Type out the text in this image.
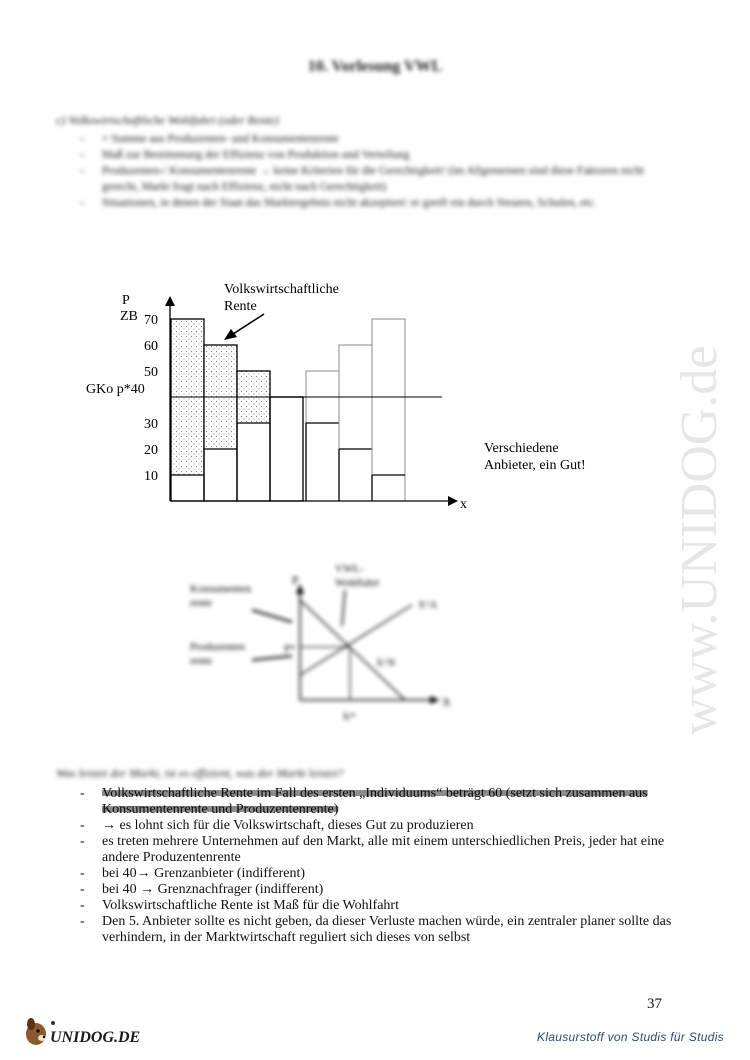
10. Vorlesung VWL
c) Volkswirtschaftliche Wohlfahrt (oder Rente)
- = Summe aus Produzenten- und Konsumentenrente
- Maß zur Bestimmung der Effizienz von Produktion und Verteilung
- Produzenten-/ Konsumentenrente → keine Kriterien für die Gerechtigkeit! (im Allgemeinen sind diese Faktoren nicht gerecht, Markt fragt nach Effizienz, nicht nach Gerechtigkeit)
- Situationen, in denen der Staat das Marktergebnis nicht akzeptiert: er greift ein durch Steuern, Schulen, etc.
www.UNIDOG.de
P
ZB
GKo p*40
70
60
50
30
20
10
x
Volkswirtschaftliche
Rente
Verschiedene
Anbieter, ein Gut!
Konsumenten
rente
Produzenten
rente
VWL-
Wohlfahrt
P
P*
X
X*
X^A
X^N
Was leistet der Markt, ist es effizient, was der Markt leistet?
- Volkswirtschaftliche Rente im Fall des ersten „Individuums“ beträgt 60 (setzt sich zusammen aus Konsumentenrente und Produzentenrente)
- → es lohnt sich für die Volkswirtschaft, dieses Gut zu produzieren
- es treten mehrere Unternehmen auf den Markt, alle mit einem unterschiedlichen Preis, jeder hat eine andere Produzentenrente
- bei 40→ Grenzanbieter (indifferent)
- bei 40 → Grenznachfrager (indifferent)
- Volkswirtschaftliche Rente ist Maß für die Wohlfahrt
- Den 5. Anbieter sollte es nicht geben, da dieser Verluste machen würde, ein zentraler planer sollte das verhindern, in der Marktwirtschaft reguliert sich dieses von selbst
37
UNIDOG.DE	Klausurstoff von Studis für Studis
